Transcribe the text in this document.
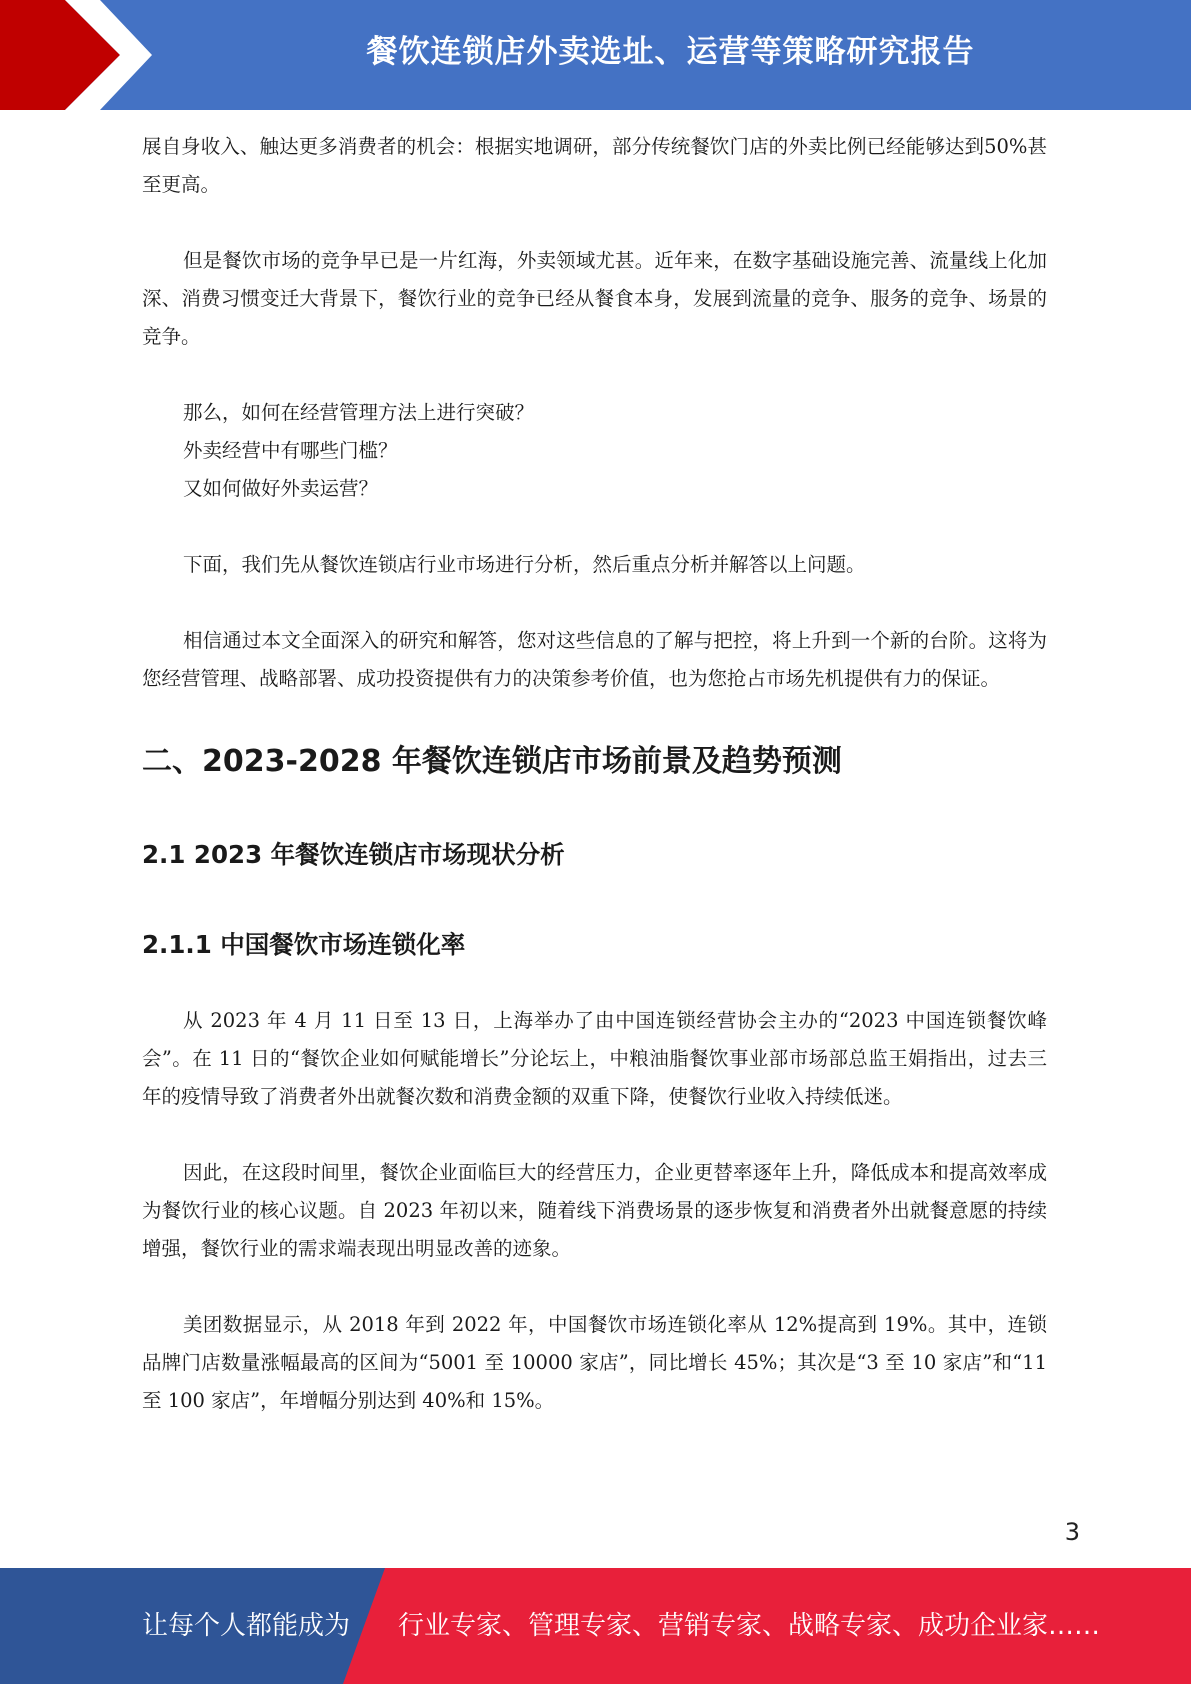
餐饮连锁店外卖选址、运营等策略研究报告

展自身收入、触达更多消费者的机会：根据实地调研，部分传统餐饮门店的外卖比例已经能够达到50%甚至更高。

但是餐饮市场的竞争早已是一片红海，外卖领域尤甚。近年来，在数字基础设施完善、流量线上化加深、消费习惯变迁大背景下，餐饮行业的竞争已经从餐食本身，发展到流量的竞争、服务的竞争、场景的竞争。

那么，如何在经营管理方法上进行突破？

外卖经营中有哪些门槛？

又如何做好外卖运营？

下面，我们先从餐饮连锁店行业市场进行分析，然后重点分析并解答以上问题。

相信通过本文全面深入的研究和解答，您对这些信息的了解与把控，将上升到一个新的台阶。这将为您经营管理、战略部署、成功投资提供有力的决策参考价值，也为您抢占市场先机提供有力的保证。

二、2023-2028 年餐饮连锁店市场前景及趋势预测
2.1 2023 年餐饮连锁店市场现状分析
2.1.1 中国餐饮市场连锁化率

从 2023 年 4 月 11 日至 13 日，上海举办了由中国连锁经营协会主办的“2023 中国连锁餐饮峰会”。在 11 日的“餐饮企业如何赋能增长”分论坛上，中粮油脂餐饮事业部市场部总监王娟指出，过去三年的疫情导致了消费者外出就餐次数和消费金额的双重下降，使餐饮行业收入持续低迷。

因此，在这段时间里，餐饮企业面临巨大的经营压力，企业更替率逐年上升，降低成本和提高效率成为餐饮行业的核心议题。自 2023 年初以来，随着线下消费场景的逐步恢复和消费者外出就餐意愿的持续增强，餐饮行业的需求端表现出明显改善的迹象。

美团数据显示，从 2018 年到 2022 年，中国餐饮市场连锁化率从 12%提高到 19%。其中，连锁品牌门店数量涨幅最高的区间为“5001 至 10000 家店”，同比增长 45%；其次是“3 至 10 家店”和“11 至 100 家店”，年增幅分别达到 40%和 15%。

3
让每个人都能成为 行业专家、管理专家、营销专家、战略专家、成功企业家……
